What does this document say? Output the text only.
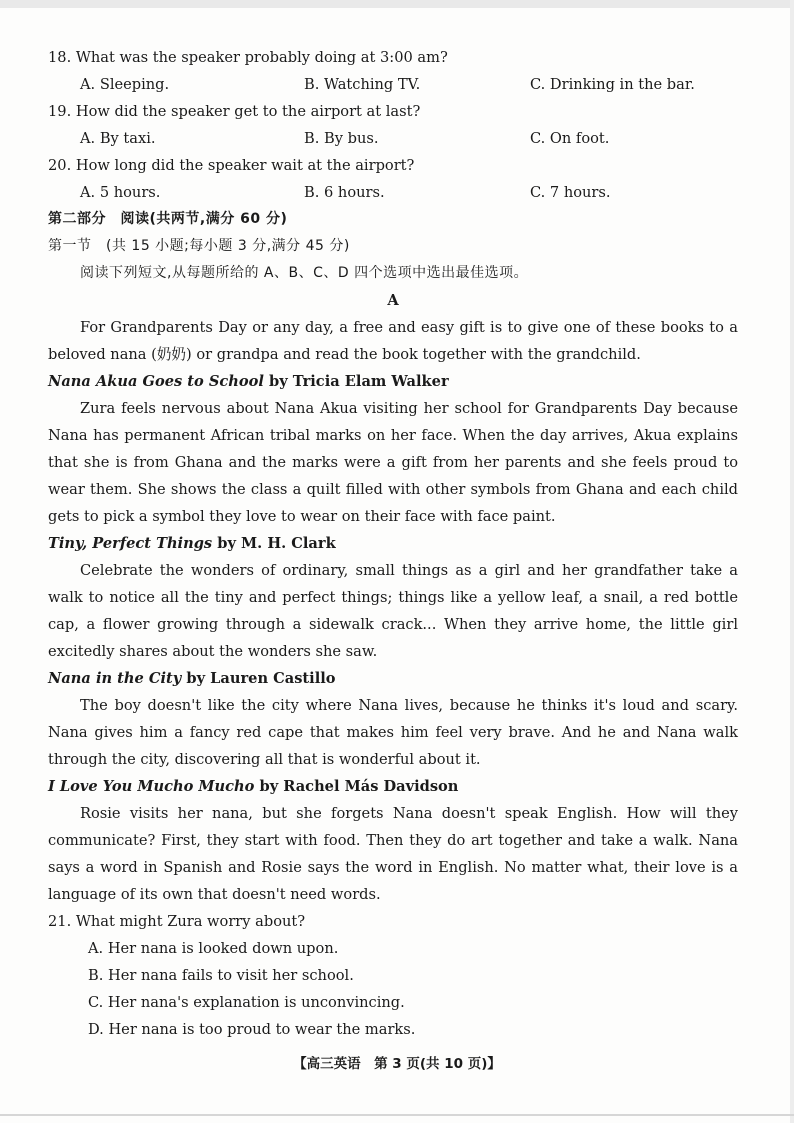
18. What was the speaker probably doing at 3:00 am?

A. Sleeping.	B. Watching TV.	C. Drinking in the bar.

19. How did the speaker get to the airport at last?

A. By taxi.	B. By bus.	C. On foot.

20. How long did the speaker wait at the airport?

A. 5 hours.	B. 6 hours.	C. 7 hours.

第二部分　阅读(共两节,满分 60 分)

第一节　(共 15 小题;每小题 3 分,满分 45 分)

阅读下列短文,从每题所给的 A、B、C、D 四个选项中选出最佳选项。

A

For Grandparents Day or any day, a free and easy gift is to give one of these books to a beloved nana (奶奶) or grandpa and read the book together with the grandchild.

Nana Akua Goes to School by Tricia Elam Walker

Zura feels nervous about Nana Akua visiting her school for Grandparents Day because Nana has permanent African tribal marks on her face. When the day arrives, Akua explains that she is from Ghana and the marks were a gift from her parents and she feels proud to wear them. She shows the class a quilt filled with other symbols from Ghana and each child gets to pick a symbol they love to wear on their face with face paint.

Tiny, Perfect Things by M. H. Clark

Celebrate the wonders of ordinary, small things as a girl and her grandfather take a walk to notice all the tiny and perfect things; things like a yellow leaf, a snail, a red bottle cap, a flower growing through a sidewalk crack... When they arrive home, the little girl excitedly shares about the wonders she saw.

Nana in the City by Lauren Castillo

The boy doesn't like the city where Nana lives, because he thinks it's loud and scary. Nana gives him a fancy red cape that makes him feel very brave. And he and Nana walk through the city, discovering all that is wonderful about it.

I Love You Mucho Mucho by Rachel Más Davidson

Rosie visits her nana, but she forgets Nana doesn't speak English. How will they communicate? First, they start with food. Then they do art together and take a walk. Nana says a word in Spanish and Rosie says the word in English. No matter what, their love is a language of its own that doesn't need words.

21. What might Zura worry about?

A. Her nana is looked down upon.

B. Her nana fails to visit her school.

C. Her nana's explanation is unconvincing.

D. Her nana is too proud to wear the marks.

【高三英语　第 3 页(共 10 页)】
